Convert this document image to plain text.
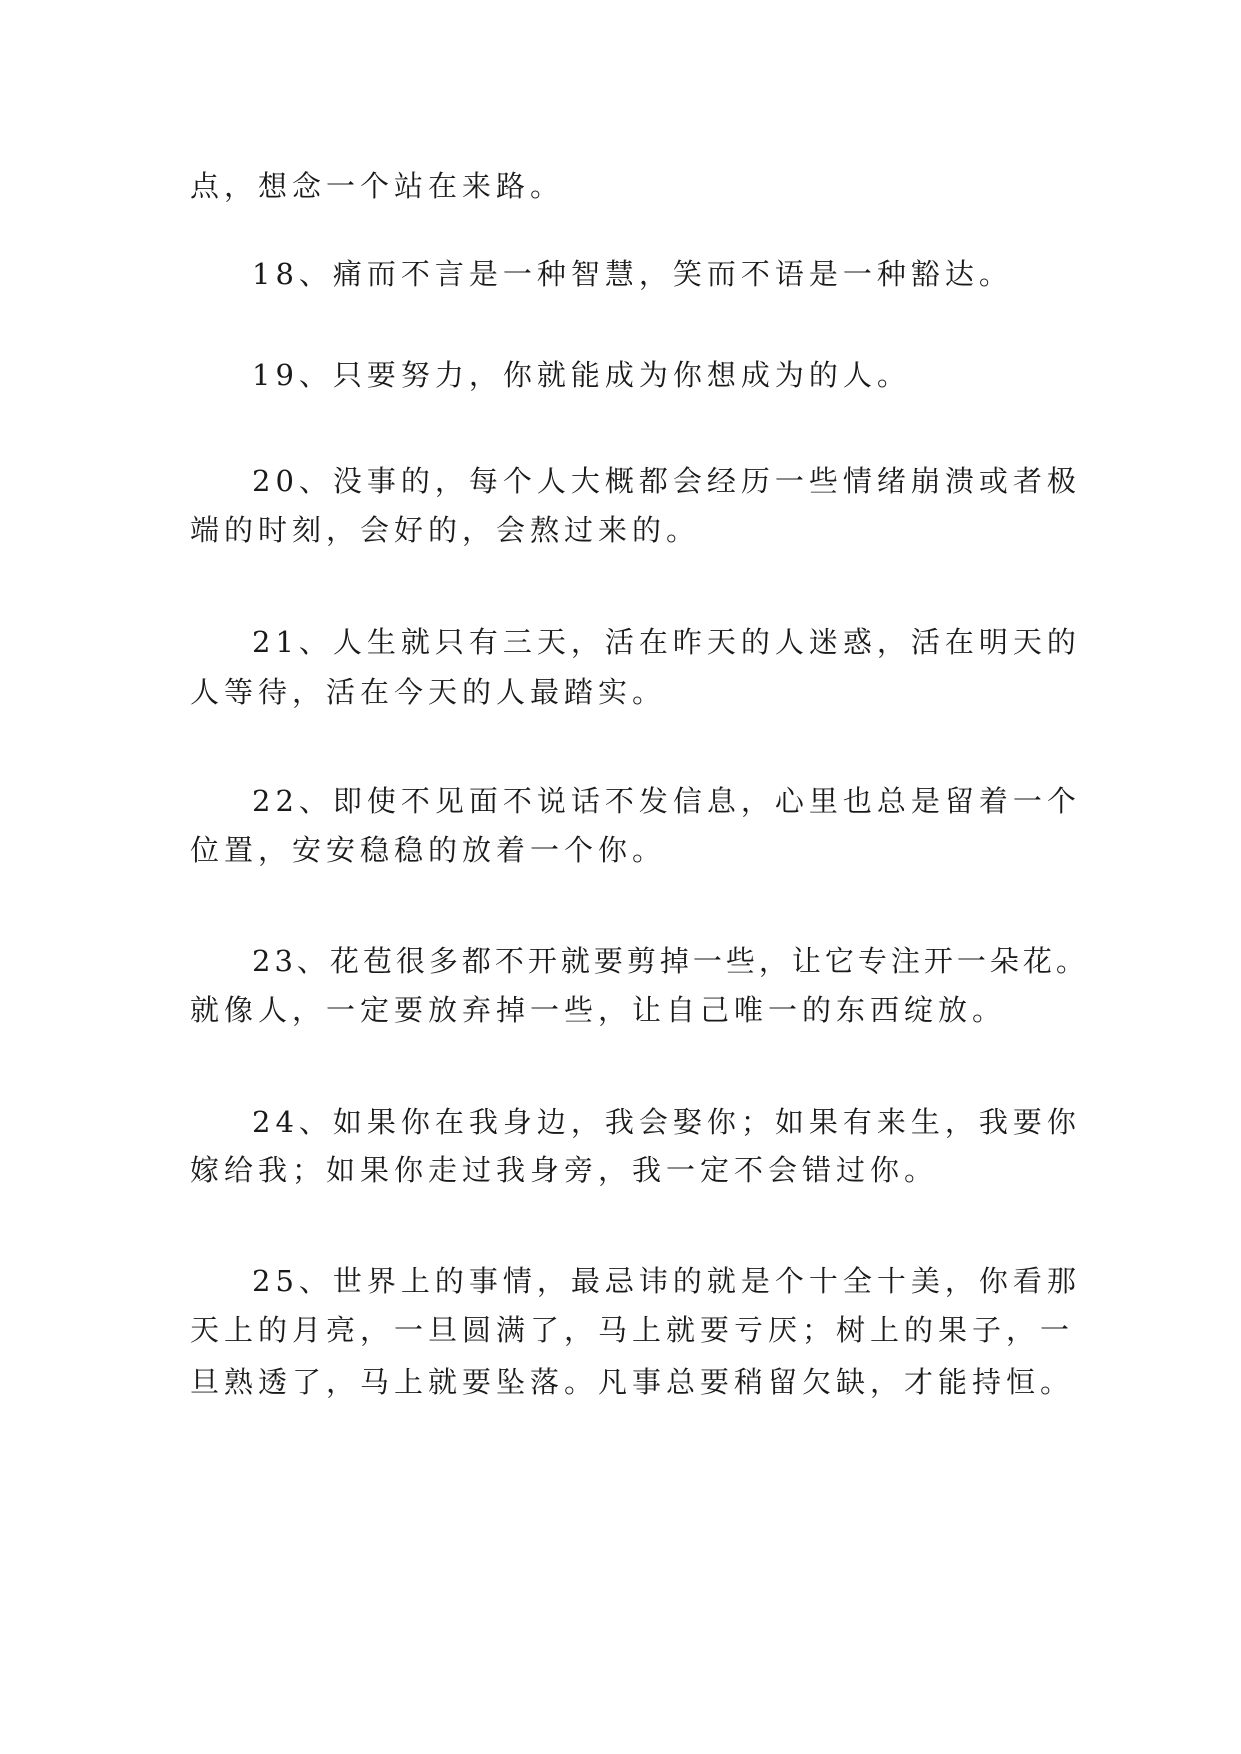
点，想念一个站在来路。
18、痛而不言是一种智慧，笑而不语是一种豁达。
19、只要努力，你就能成为你想成为的人。
20、没事的，每个人大概都会经历一些情绪崩溃或者极
端的时刻，会好的，会熬过来的。
21、人生就只有三天，活在昨天的人迷惑，活在明天的
人等待，活在今天的人最踏实。
22、即使不见面不说话不发信息，心里也总是留着一个
位置，安安稳稳的放着一个你。
23、花苞很多都不开就要剪掉一些，让它专注开一朵花。
就像人，一定要放弃掉一些，让自己唯一的东西绽放。
24、如果你在我身边，我会娶你；如果有来生，我要你
嫁给我；如果你走过我身旁，我一定不会错过你。
25、世界上的事情，最忌讳的就是个十全十美，你看那
天上的月亮，一旦圆满了，马上就要亏厌；树上的果子，一
旦熟透了，马上就要坠落。凡事总要稍留欠缺，才能持恒。
